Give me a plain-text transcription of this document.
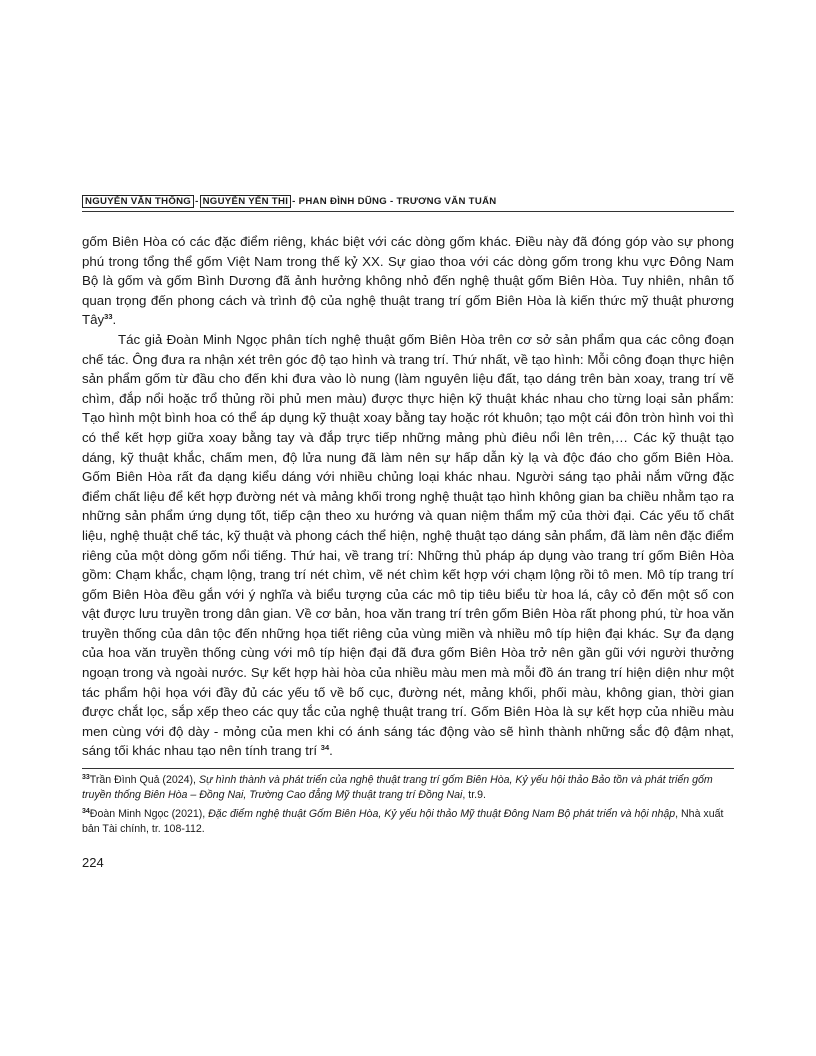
NGUYỄN VĂN THỐNG - NGUYỄN YẾN THI - PHAN ĐÌNH DŨNG - TRƯƠNG VĂN TUẤN

gốm Biên Hòa có các đặc điểm riêng, khác biệt với các dòng gốm khác. Điều này đã đóng góp vào sự phong phú trong tổng thể gốm Việt Nam trong thế kỷ XX. Sự giao thoa với các dòng gốm trong khu vực Đông Nam Bộ là gốm và gốm Bình Dương đã ảnh hưởng không nhỏ đến nghệ thuật gốm Biên Hòa. Tuy nhiên, nhân tố quan trọng đến phong cách và trình độ của nghệ thuật trang trí gốm Biên Hòa là kiến thức mỹ thuật phương Tây$^{33}$.

Tác giả Đoàn Minh Ngọc phân tích nghệ thuật gốm Biên Hòa trên cơ sở sản phẩm qua các công đoạn chế tác. Ông đưa ra nhận xét trên góc độ tạo hình và trang trí. Thứ nhất, về tạo hình: Mỗi công đoạn thực hiện sản phẩm gốm từ đầu cho đến khi đưa vào lò nung (làm nguyên liệu đất, tạo dáng trên bàn xoay, trang trí vẽ chìm, đắp nổi hoặc trổ thủng rồi phủ men màu) được thực hiện kỹ thuật khác nhau cho từng loại sản phẩm: Tạo hình một bình hoa có thể áp dụng kỹ thuật xoay bằng tay hoặc rót khuôn; tạo một cái đôn tròn hình voi thì có thể kết hợp giữa xoay bằng tay và đắp trực tiếp những mảng phù điêu nổi lên trên,… Các kỹ thuật tạo dáng, kỹ thuật khắc, chấm men, độ lửa nung đã làm nên sự hấp dẫn kỳ lạ và độc đáo cho gốm Biên Hòa. Gốm Biên Hòa rất đa dạng kiểu dáng với nhiều chủng loại khác nhau. Người sáng tạo phải nắm vững đặc điểm chất liệu để kết hợp đường nét và mảng khối trong nghệ thuật tạo hình không gian ba chiều nhằm tạo ra những sản phẩm ứng dụng tốt, tiếp cận theo xu hướng và quan niệm thẩm mỹ của thời đại. Các yếu tố chất liệu, nghệ thuật chế tác, kỹ thuật và phong cách thể hiện, nghệ thuật tạo dáng sản phẩm, đã làm nên đặc điểm riêng của một dòng gốm nổi tiếng. Thứ hai, về trang trí: Những thủ pháp áp dụng vào trang trí gốm Biên Hòa gồm: Chạm khắc, chạm lộng, trang trí nét chìm, vẽ nét chìm kết hợp với chạm lộng rồi tô men. Mô típ trang trí gốm Biên Hòa đều gắn với ý nghĩa và biểu tượng của các mô tip tiêu biểu từ hoa lá, cây cỏ đến một số con vật được lưu truyền trong dân gian. Về cơ bản, hoa văn trang trí trên gốm Biên Hòa rất phong phú, từ hoa văn truyền thống của dân tộc đến những họa tiết riêng của vùng miền và nhiều mô típ hiện đại khác. Sự đa dạng của hoa văn truyền thống cùng với mô típ hiện đại đã đưa gốm Biên Hòa trở nên gần gũi với người thưởng ngoạn trong và ngoài nước. Sự kết hợp hài hòa của nhiều màu men mà mỗi đồ án trang trí hiện diện như một tác phẩm hội họa với đầy đủ các yếu tố về bố cục, đường nét, mảng khối, phối màu, không gian, thời gian được chắt lọc, sắp xếp theo các quy tắc của nghệ thuật trang trí. Gốm Biên Hòa là sự kết hợp của nhiều màu men cùng với độ dày - mỏng của men khi có ánh sáng tác động vào sẽ hình thành những sắc độ đậm nhạt, sáng tối khác nhau tạo nên tính trang trí $^{34}$.

$^{33}$Trần Đình Quả (2024), Sự hình thành và phát triển của nghệ thuật trang trí gốm Biên Hòa, Kỷ yếu hội thảo Bảo tồn và phát triển gốm truyền thống Biên Hòa – Đồng Nai, Trường Cao đẳng Mỹ thuật trang trí Đồng Nai, tr.9.

$^{34}$Đoàn Minh Ngọc (2021), Đặc điểm nghệ thuật Gốm Biên Hòa, Kỷ yếu hội thảo Mỹ thuật Đông Nam Bộ phát triển và hội nhập, Nhà xuất bản Tài chính, tr. 108-112.

224
